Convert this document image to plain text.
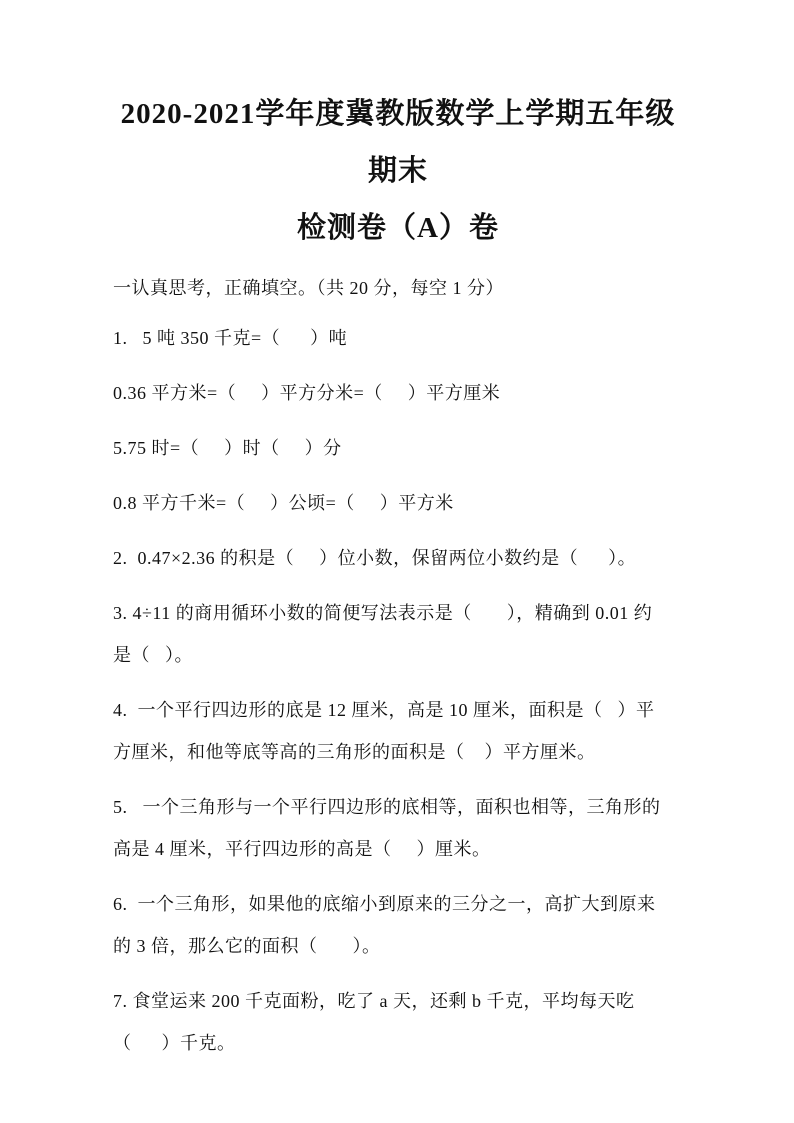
2020-2021学年度冀教版数学上学期五年级期末
检测卷（A）卷

一认真思考，正确填空。（共 20 分，每空 1 分）

1.   5 吨 350 千克=（      ）吨

0.36 平方米=（     ）平方分米=（     ）平方厘米

5.75 时=（     ）时（     ）分

0.8 平方千米=（     ）公顷=（     ）平方米

2.  0.47×2.36 的积是（     ）位小数，保留两位小数约是（      ）。

3. 4÷11 的商用循环小数的简便写法表示是（       ），精确到 0.01 约

是（   ）。

4.  一个平行四边形的底是 12 厘米，高是 10 厘米，面积是（   ）平

方厘米，和他等底等高的三角形的面积是（    ）平方厘米。

5.   一个三角形与一个平行四边形的底相等，面积也相等，三角形的

高是 4 厘米，平行四边形的高是（     ）厘米。

6.  一个三角形，如果他的底缩小到原来的三分之一，高扩大到原来

的 3 倍，那么它的面积（       ）。

7. 食堂运来 200 千克面粉，吃了 a 天，还剩 b 千克，平均每天吃

（      ）千克。
